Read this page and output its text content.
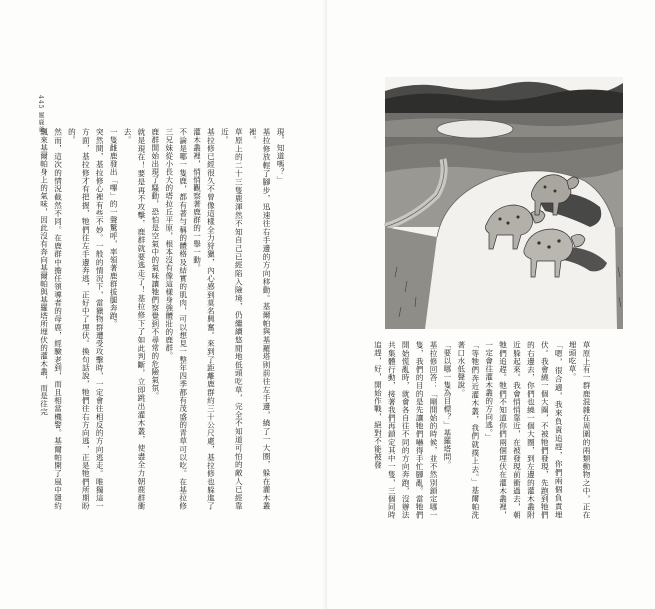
445 鬣鹿爸

現，知道嗎？」

基拉修放輕了腳步，迅速往右手邊的方向移動。基爾帕與基羅塔則前往左手邊，繞了一大圈，躲在灌木叢裡。

草原上的二十三隻鹿渾然不知自己已經陷入險境，仍繼續悠閒地低頭吃草，完全不知道可怕的敵人已經靠近。

基拉修已經很久不曾像這樣全力狩獵，內心感到莫名興奮。來到了距離鹿群約三十公尺處，基拉修也躲進了灌木叢裡，悄悄觀察著鹿群的一舉一動。

不論是哪一隻鹿，都有著勻稱的體格及結實的肌肉，可以想見一整年四季都有茂盛的青草可以吃。在基拉修三兄妹從小長大的塔拉丘平原，根本沒有像這樣身強體壯的鹿群。

鹿群開始出現了騷動，恐怕是空氣中的氣味讓牠們察覺到不尋常的危險氣氛。

就是現在！要是再不攻擊，鹿群就要逃走了！基拉修下了如此判斷，立即跳出灌木叢，使盡全力朝鹿群衝去。

一隻雌鹿發出「嗶」的一聲驚呼，率領著鹿群拔腿奔跑。

突然間，基拉修心裡有些不妙。一般的情況下，當獵物群遭受攻擊時，一定會往相反的方向逃走。唯獨這一方面，基拉修才有把握，牠們往左手邊奔逃，正好中了埋伏。換句話說，牠們往右方向逃，正是牠們所期盼的。

然而，這次的情況截然不同。在鹿群中擔任領導者的母鹿，經驗老到，而且相當機警。基爾帕開了風中隱約飄來基爾帕身上的氣味，因此沒有奔向基爾帕與基羅塔所埋伏的灌木叢，而是往完

草原上有一群鹿混雜在周圍的兩類動物之中，正在埋頭吃草。

「嗯，很合適，我來負責追趕，你們兩個負責埋伏。我會繞一個大圈，不被牠們發現，先跑到牠們的右邊去，你們也繞一個大圈，到左邊的灌木叢附近躲起來。我會悄悄靠近，在被發現前衝過去，朝牠們追趕。牠們不知道你們兩個埋伏在灌木叢裡，一定會往灌木叢的方向逃。」

「等牠們奔近灌木叢，我們就撲上去。」基爾帕洗著口水低聲說。

「要以哪一隻為目標？」基羅塔問。

基拉修回答：「剛開始的時候，並不然別鎖定哪一隻，我們的目的是先讓牠們嚇得手忙腳亂。當牠們開始慌亂時，就會各自往不同的方向奔跑，沒辦法共集體行動，接著我們再鎖定其中一隻，三個同時追趕，好，開始作戰，絕對不能被發
